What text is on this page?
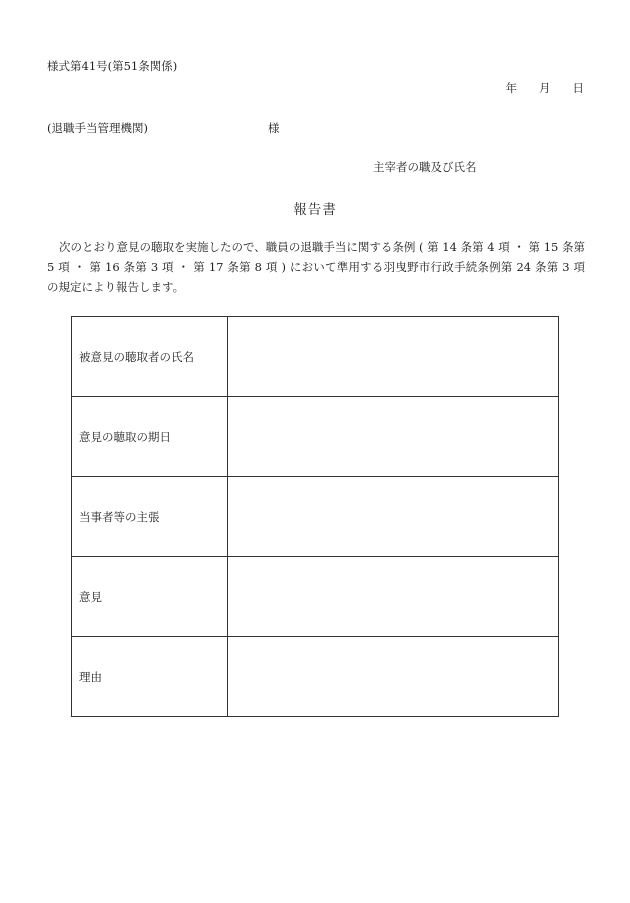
様式第41号(第51条関係)
年 月 日
(退職手当管理機関)	様
主宰者の職及び氏名
報告書
次のとおり意見の聴取を実施したので、職員の退職手当に関する条例 ( 第 14 条第 4 項 ・ 第 15 条第 5 項 ・ 第 16 条第 3 項 ・ 第 17 条第 8 項 ) において準用する羽曳野市行政手続条例第 24 条第 3 項の規定により報告します。
被意見の聴取者の氏名	
意見の聴取の期日	
当事者等の主張	
意見	
理由	
